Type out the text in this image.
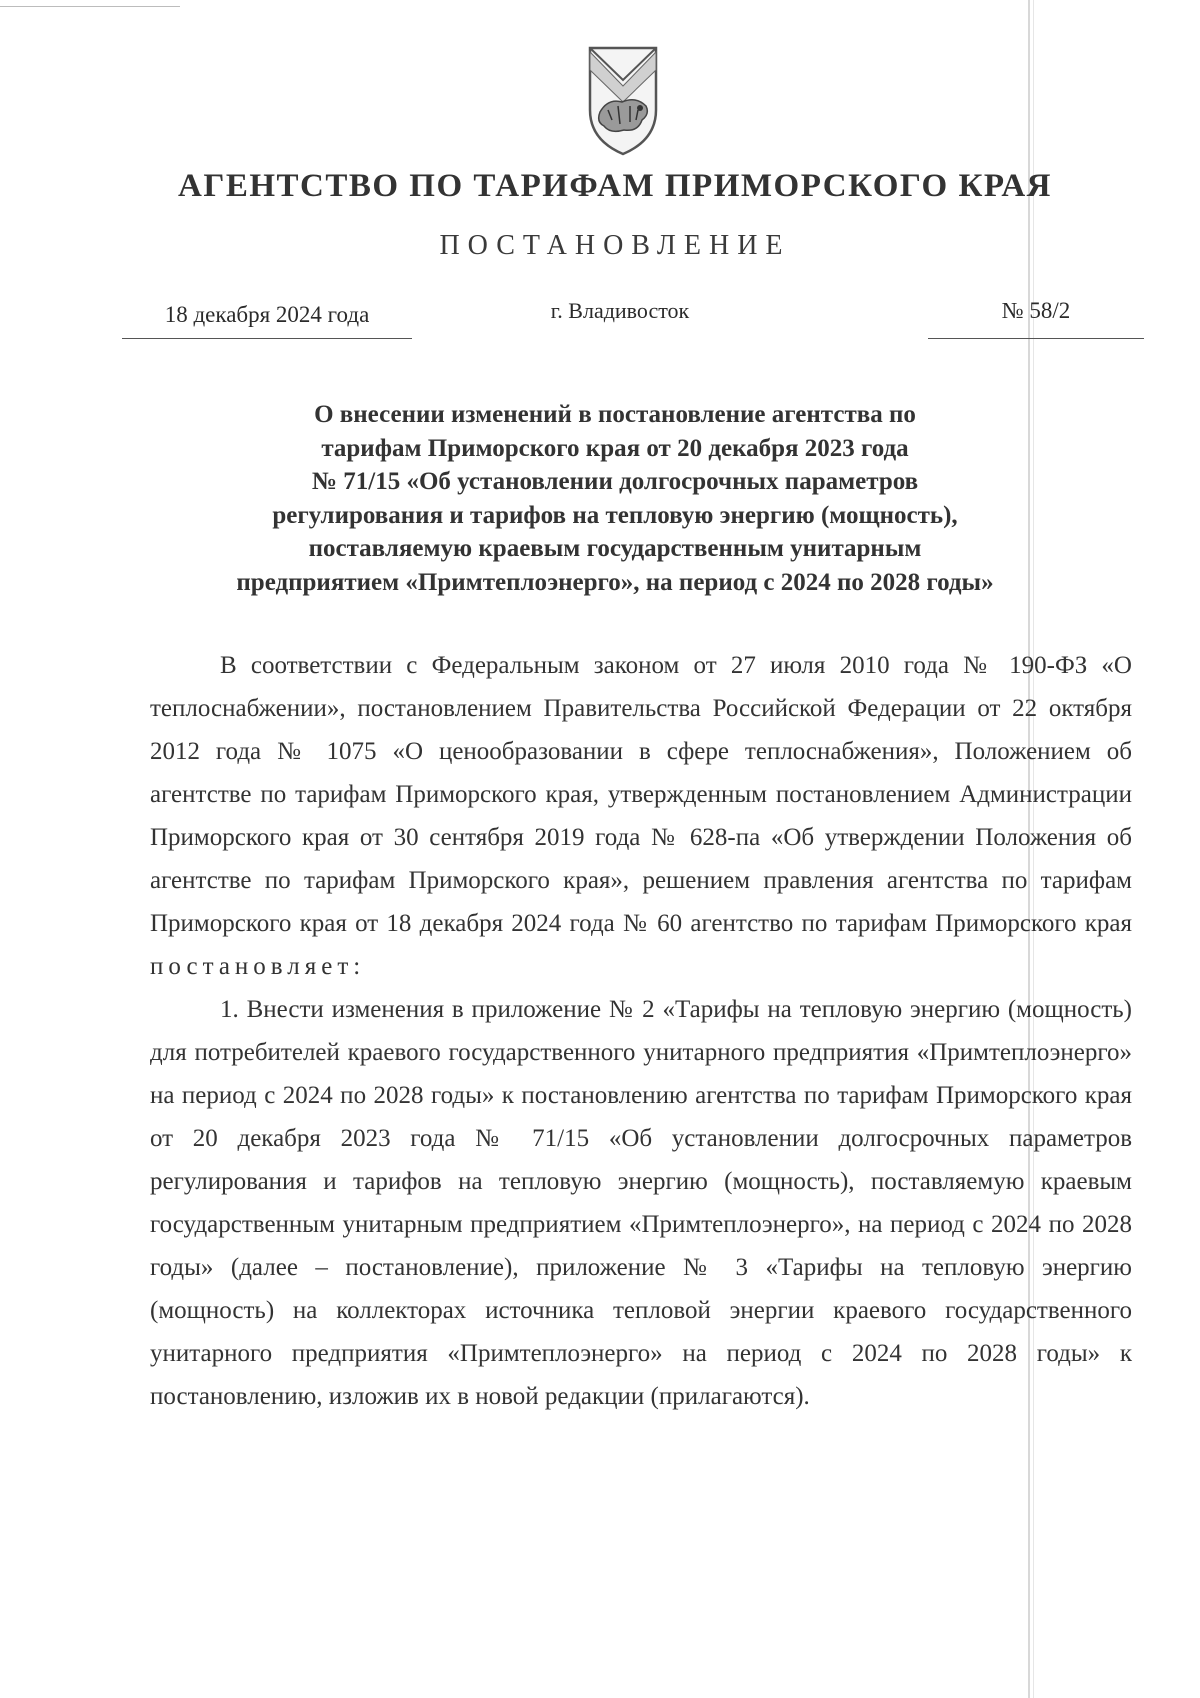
АГЕНТСТВО ПО ТАРИФАМ ПРИМОРСКОГО КРАЯ
ПОСТАНОВЛЕНИЕ
18 декабря 2024 года	г. Владивосток	№ 58/2
О внесении изменений в постановление агентства по
тарифам Приморского края от 20 декабря 2023 года
№ 71/15 «Об установлении долгосрочных параметров
регулирования и тарифов на тепловую энергию (мощность),
поставляемую краевым государственным унитарным
предприятием «Примтеплоэнерго», на период с 2024 по 2028 годы»

В соответствии с Федеральным законом от 27 июля 2010 года № 190-ФЗ «О теплоснабжении», постановлением Правительства Российской Федерации от 22 октября 2012 года № 1075 «О ценообразовании в сфере теплоснабжения», Положением об агентстве по тарифам Приморского края, утвержденным постановлением Администрации Приморского края от 30 сентября 2019 года № 628-па «Об утверждении Положения об агентстве по тарифам Приморского края», решением правления агентства по тарифам Приморского края от 18 декабря 2024 года № 60 агентство по тарифам Приморского края постановляет:

1. Внести изменения в приложение № 2 «Тарифы на тепловую энергию (мощность) для потребителей краевого государственного унитарного предприятия «Примтеплоэнерго» на период с 2024 по 2028 годы» к постановлению агентства по тарифам Приморского края от 20 декабря 2023 года № 71/15 «Об установлении долгосрочных параметров регулирования и тарифов на тепловую энергию (мощность), поставляемую краевым государственным унитарным предприятием «Примтеплоэнерго», на период с 2024 по 2028 годы» (далее – постановление), приложение № 3 «Тарифы на тепловую энергию (мощность) на коллекторах источника тепловой энергии краевого государственного унитарного предприятия «Примтеплоэнерго» на период с 2024 по 2028 годы» к постановлению, изложив их в новой редакции (прилагаются).
